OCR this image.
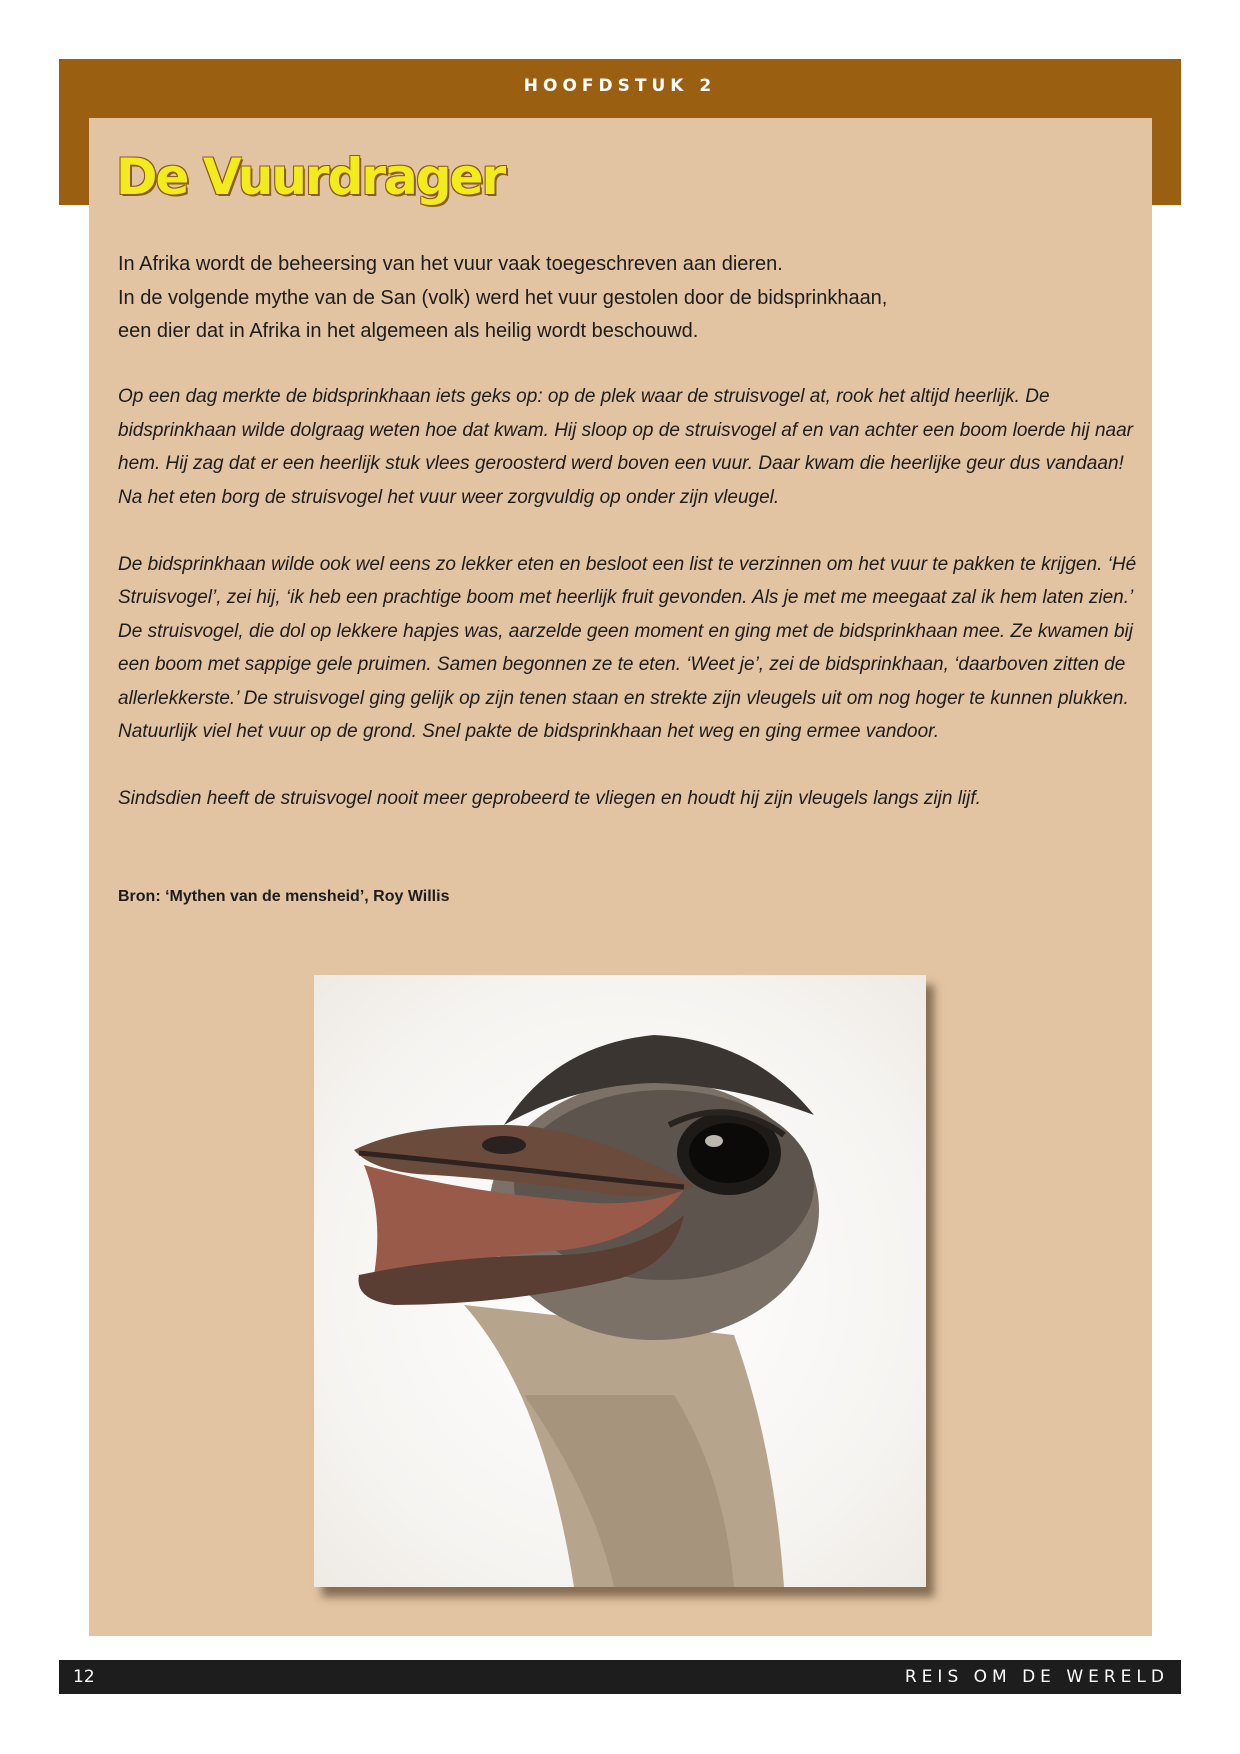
HOOFDSTUK 2
De Vuurdrager

In Afrika wordt de beheersing van het vuur vaak toegeschreven aan dieren.

In de volgende mythe van de San (volk) werd het vuur gestolen door de bidsprinkhaan,

een dier dat in Afrika in het algemeen als heilig wordt beschouwd.

Op een dag merkte de bidsprinkhaan iets geks op: op de plek waar de struisvogel at, rook het altijd heerlijk. De bidsprinkhaan wilde dolgraag weten hoe dat kwam. Hij sloop op de struisvogel af en van achter een boom loerde hij naar hem. Hij zag dat er een heerlijk stuk vlees geroosterd werd boven een vuur. Daar kwam die heerlijke geur dus vandaan! Na het eten borg de struisvogel het vuur weer zorgvuldig op onder zijn vleugel.

De bidsprinkhaan wilde ook wel eens zo lekker eten en besloot een list te verzinnen om het vuur te pakken te krijgen. ‘Hé Struisvogel’, zei hij, ‘ik heb een prachtige boom met heerlijk fruit gevonden. Als je met me meegaat zal ik hem laten zien.’ De struisvogel, die dol op lekkere hapjes was, aarzelde geen moment en ging met de bidsprinkhaan mee. Ze kwamen bij een boom met sappige gele pruimen. Samen begonnen ze te eten. ‘Weet je’, zei de bidsprinkhaan, ‘daarboven zitten de allerlekkerste.’ De struisvogel ging gelijk op zijn tenen staan en strekte zijn vleugels uit om nog hoger te kunnen plukken. Natuurlijk viel het vuur op de grond. Snel pakte de bidsprinkhaan het weg en ging ermee vandoor.

Sindsdien heeft de struisvogel nooit meer geprobeerd te vliegen en houdt hij zijn vleugels langs zijn lijf.

Bron: ‘Mythen van de mensheid’, Roy Willis
12	REIS OM DE WERELD
